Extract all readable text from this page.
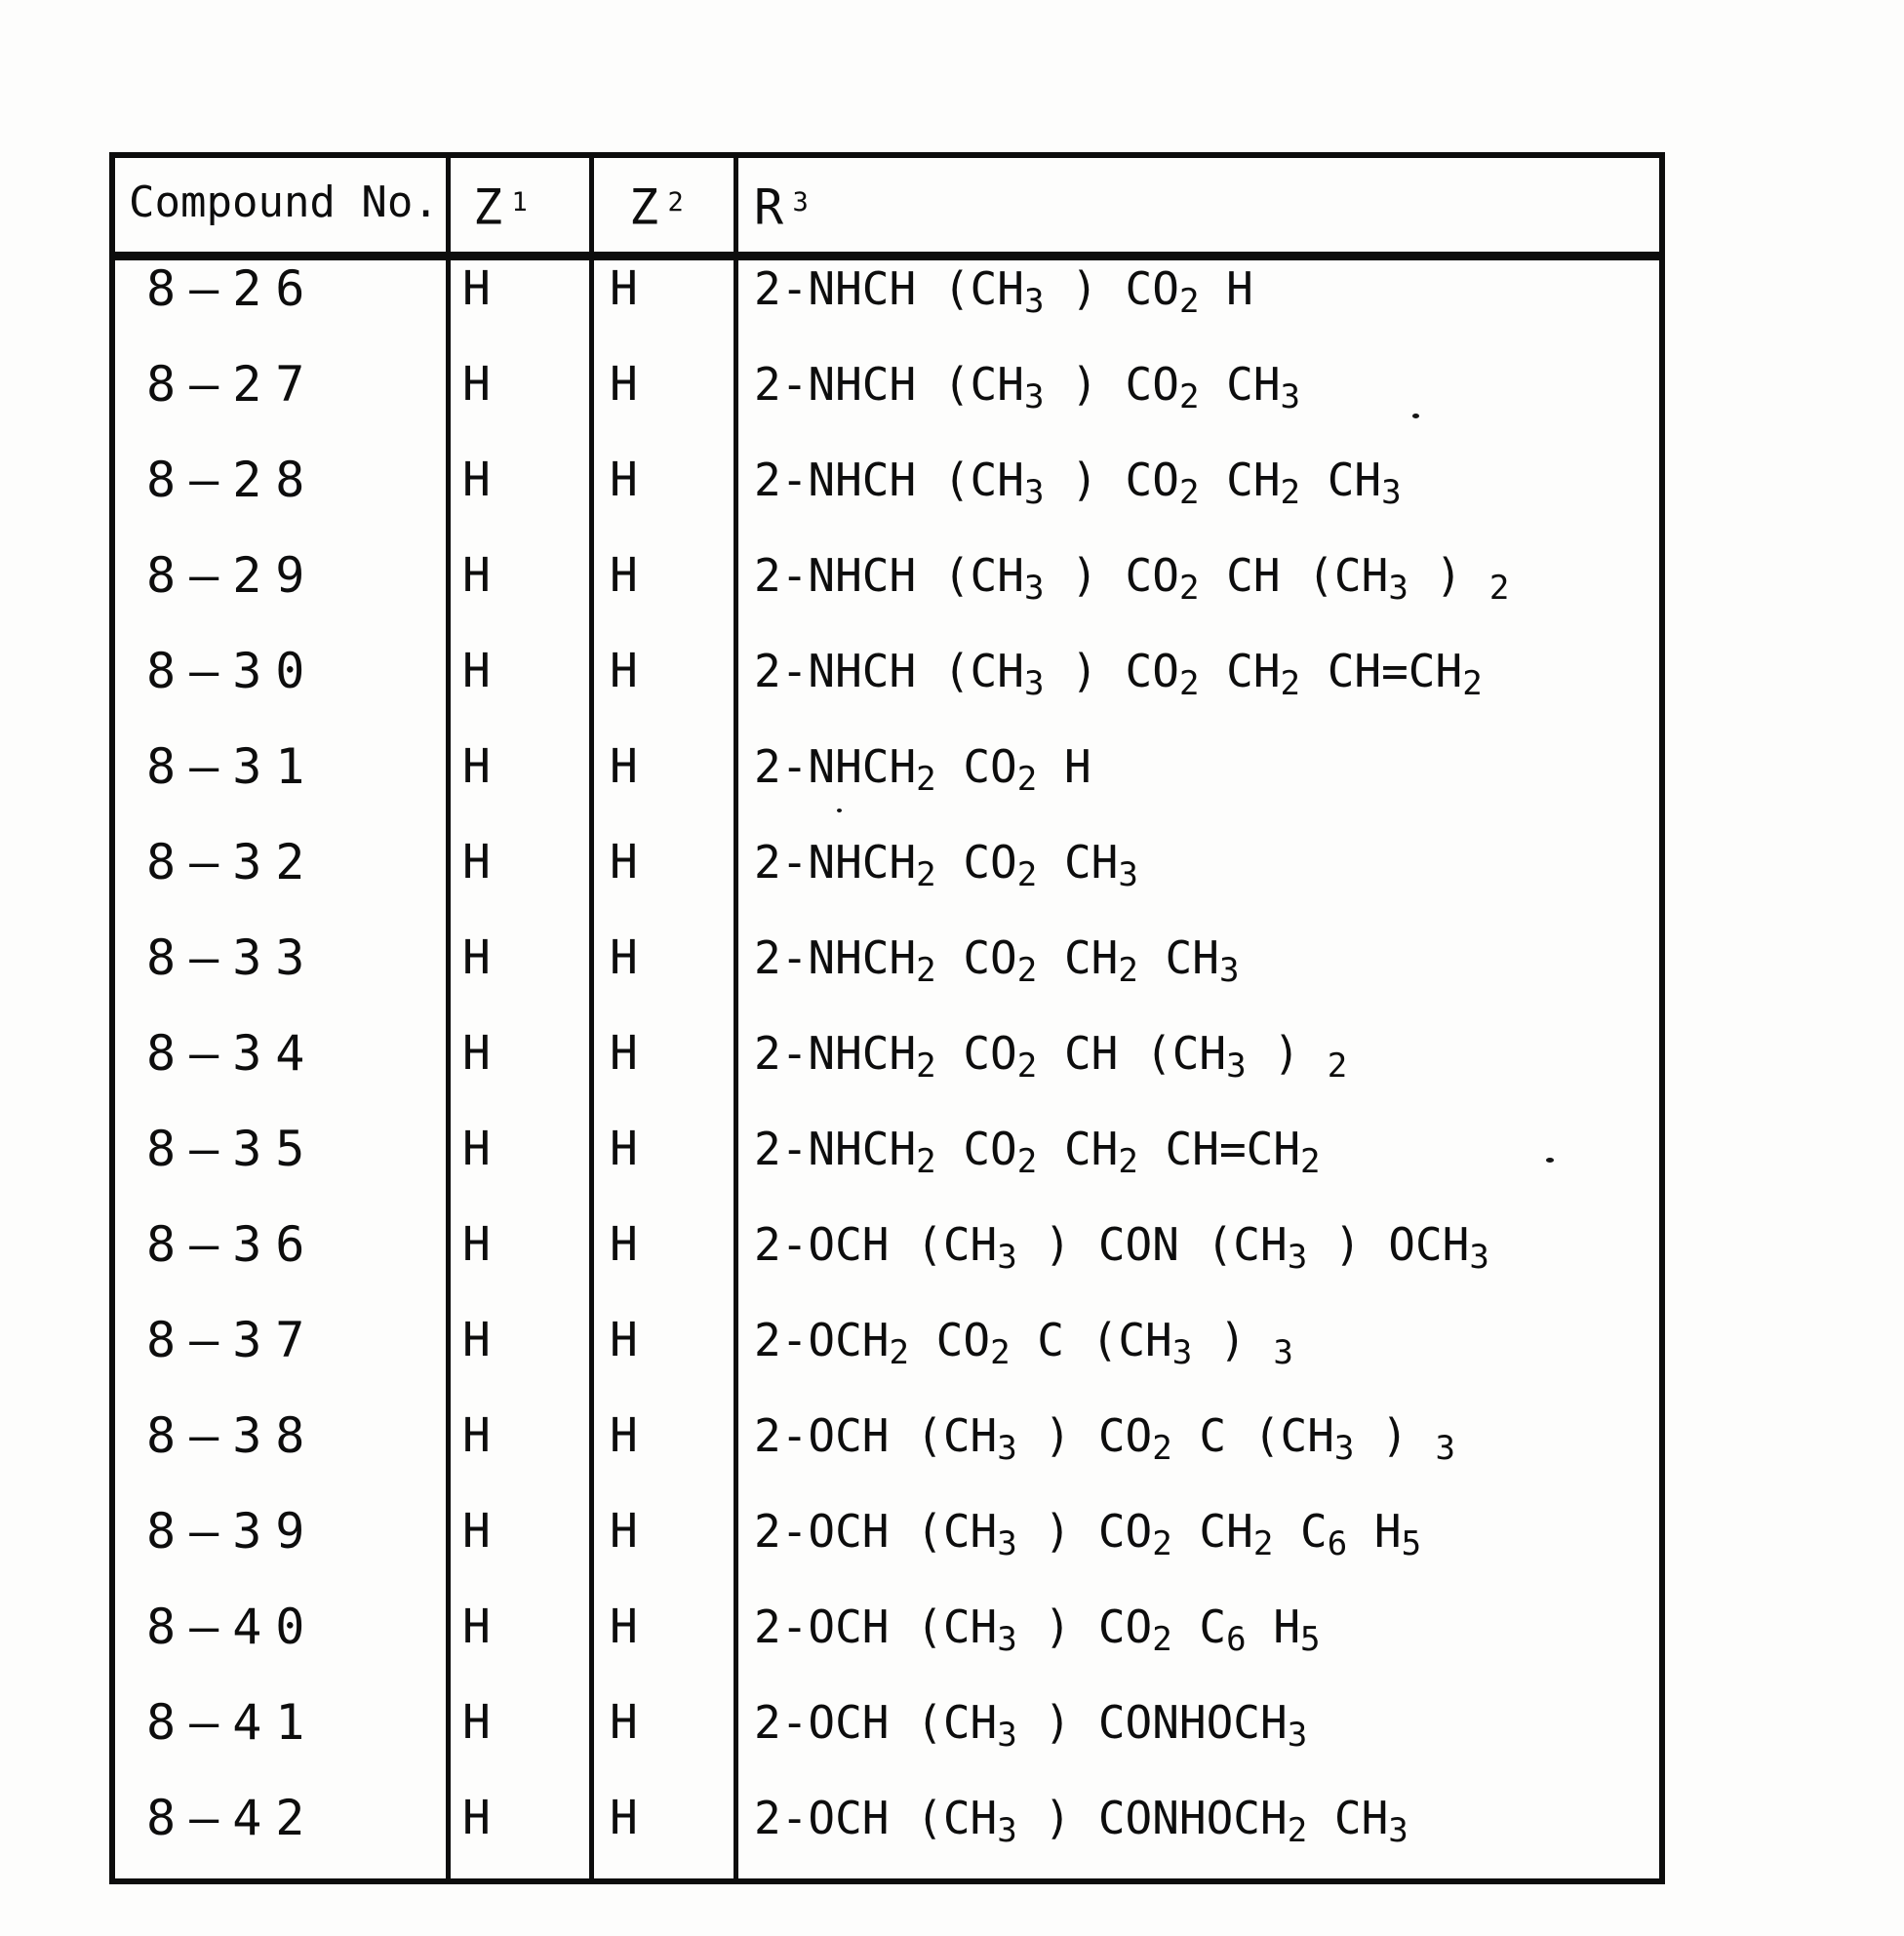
Compound No. Z $^1$ Z $^2$ R $^3$
8—26	H	H	2-NHCH ($CH_3$ ) $CO_2$ H
8—27	H	H	2-NHCH ($CH_3$ ) $CO_2$ $CH_3$
8—28	H	H	2-NHCH ($CH_3$ ) $CO_2$ $CH_2$ $CH_3$
8—29	H	H	2-NHCH ($CH_3$ ) $CO_2$ CH ($CH_3$ ) $_2$
8—30	H	H	2-NHCH ($CH_3$ ) $CO_2$ $CH_2$ $CH=CH_2$
8—31	H	H	$2-NHCH_2$ $CO_2$ H
8—32	H	H	$2-NHCH_2$ $CO_2$ $CH_3$
8—33	H	H	$2-NHCH_2$ $CO_2$ $CH_2$ $CH_3$
8—34	H	H	$2-NHCH_2$ $CO_2$ CH ($CH_3$ ) $_2$
8—35	H	H	$2-NHCH_2$ $CO_2$ $CH_2$ $CH=CH_2$
8—36	H	H	2-OCH ($CH_3$ ) CON ($CH_3$ ) $OCH_3$
8—37	H	H	$2-OCH_2$ $CO_2$ C ($CH_3$ ) $_3$
8—38	H	H	2-OCH ($CH_3$ ) $CO_2$ C ($CH_3$ ) $_3$
8—39	H	H	2-OCH ($CH_3$ ) $CO_2$ $CH_2$ $C_6$ $H_5$
8—40	H	H	2-OCH ($CH_3$ ) $CO_2$ $C_6$ $H_5$
8—41	H	H	2-OCH ($CH_3$ ) $CONHOCH_3$
8—42	H	H	2-OCH ($CH_3$ ) $CONHOCH_2$ $CH_3$
